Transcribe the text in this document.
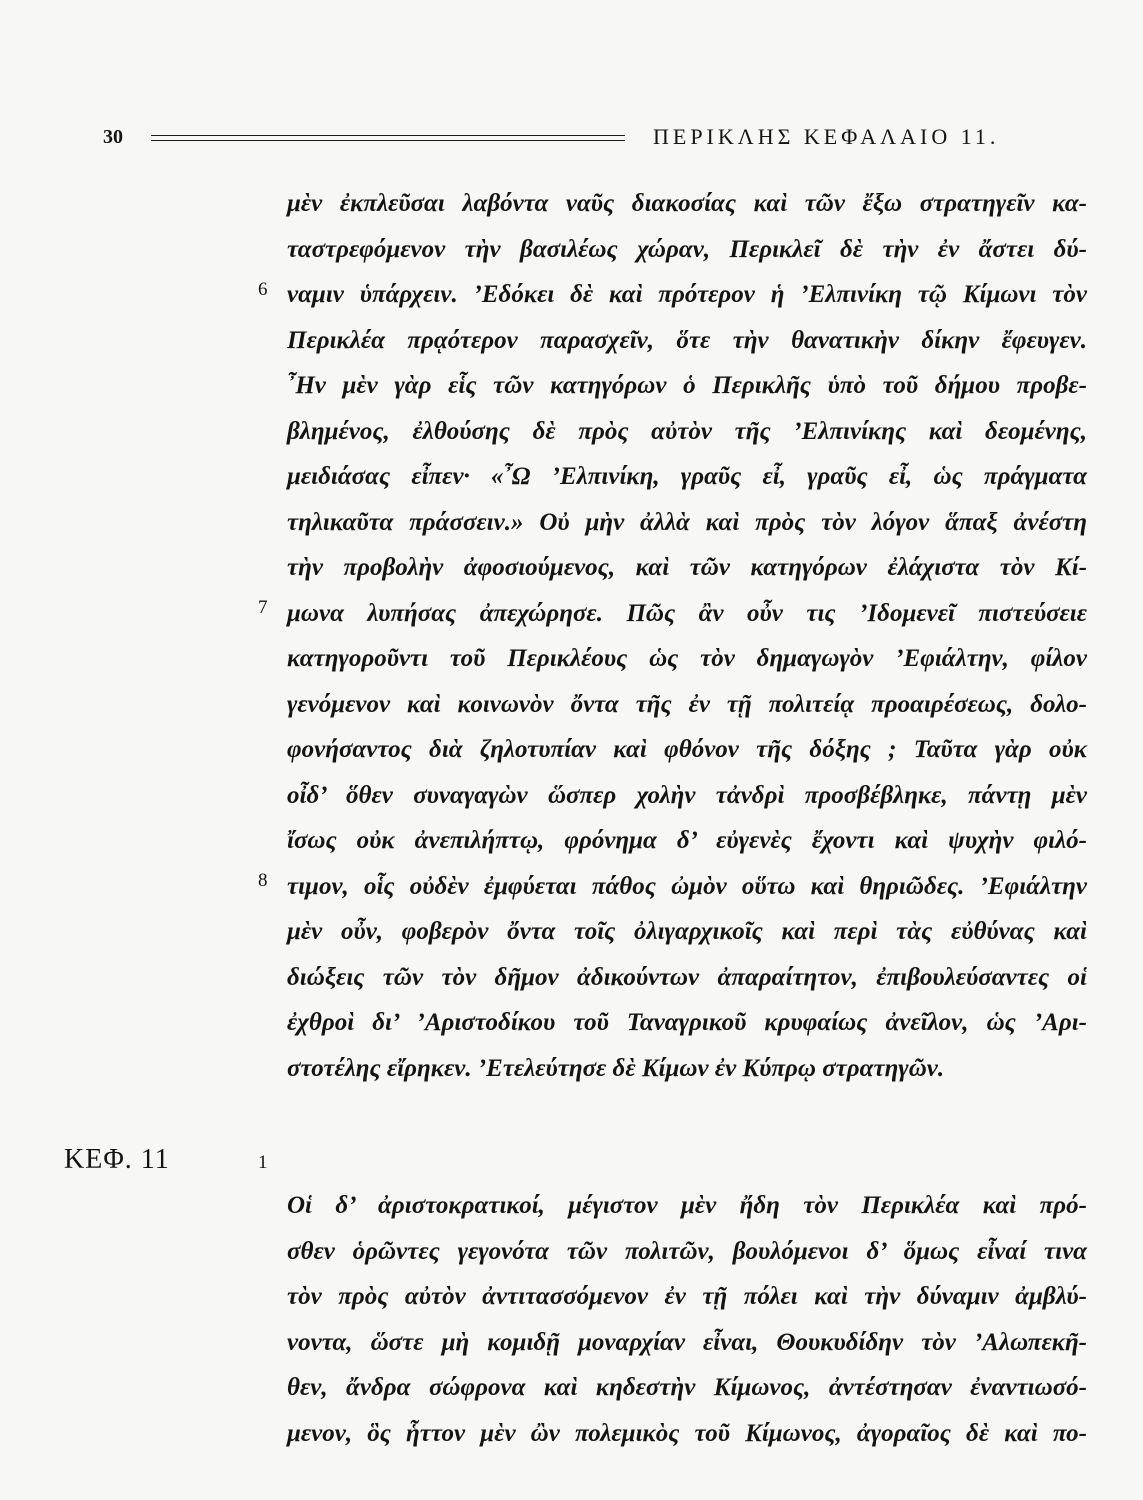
30	ΠΕΡΙΚΛΗΣ ΚΕΦΑΛΑΙΟ 11.
6
7
8
1
ΚΕΦ. 11
μὲν ἐκπλεῦσαι λαβόντα ναῦς διακοσίας καὶ τῶν ἔξω στρατηγεῖν κα-
ταστρεφόμενον τὴν βασιλέως χώραν, Περικλεῖ δὲ τὴν ἐν ἄστει δύ-
ναμιν ὑπάρχειν. ’Εδόκει δὲ καὶ πρότερον ἡ ’Ελπινίκη τῷ Κίμωνι τὸν
Περικλέα πρᾳότερον παρασχεῖν, ὅτε τὴν θανατικὴν δίκην ἔφευγεν.
῏Ην μὲν γὰρ εἷς τῶν κατηγόρων ὁ Περικλῆς ὑπὸ τοῦ δήμου προβε-
βλημένος, ἐλθούσης δὲ πρὸς αὐτὸν τῆς ’Ελπινίκης καὶ δεομένης,
μειδιάσας εἶπεν· «῏Ω ’Ελπινίκη, γραῦς εἶ, γραῦς εἶ, ὡς πράγματα
τηλικαῦτα πράσσειν.» Οὐ μὴν ἀλλὰ καὶ πρὸς τὸν λόγον ἅπαξ ἀνέστη
τὴν προβολὴν ἀφοσιούμενος, καὶ τῶν κατηγόρων ἐλάχιστα τὸν Κί-
μωνα λυπήσας ἀπεχώρησε. Πῶς ἂν οὖν τις ’Ιδομενεῖ πιστεύσειε
κατηγοροῦντι τοῦ Περικλέους ὡς τὸν δημαγωγὸν ’Εφιάλτην, φίλον
γενόμενον καὶ κοινωνὸν ὄντα τῆς ἐν τῇ πολιτείᾳ προαιρέσεως, δολο-
φονήσαντος διὰ ζηλοτυπίαν καὶ φθόνον τῆς δόξης ; Ταῦτα γὰρ οὐκ
οἶδ’ ὅθεν συναγαγὼν ὥσπερ χολὴν τἀνδρὶ προσβέβληκε, πάντῃ μὲν
ἴσως οὐκ ἀνεπιλήπτῳ, φρόνημα δ’ εὐγενὲς ἔχοντι καὶ ψυχὴν φιλό-
τιμον, οἷς οὐδὲν ἐμφύεται πάθος ὠμὸν οὕτω καὶ θηριῶδες. ’Εφιάλτην
μὲν οὖν, φοβερὸν ὄντα τοῖς ὀλιγαρχικοῖς καὶ περὶ τὰς εὐθύνας καὶ
διώξεις τῶν τὸν δῆμον ἀδικούντων ἀπαραίτητον, ἐπιβουλεύσαντες οἱ
ἐχθροὶ δι’ ’Αριστοδίκου τοῦ Ταναγρικοῦ κρυφαίως ἀνεῖλον, ὡς ’Αρι-
στοτέλης εἴρηκεν. ’Ετελεύτησε δὲ Κίμων ἐν Κύπρῳ στρατηγῶν.
Οἱ δ’ ἀριστοκρατικοί, μέγιστον μὲν ἤδη τὸν Περικλέα καὶ πρό-
σθεν ὁρῶντες γεγονότα τῶν πολιτῶν, βουλόμενοι δ’ ὅμως εἶναί τινα
τὸν πρὸς αὐτὸν ἀντιτασσόμενον ἐν τῇ πόλει καὶ τὴν δύναμιν ἀμβλύ-
νοντα, ὥστε μὴ κομιδῇ μοναρχίαν εἶναι, Θουκυδίδην τὸν ’Αλωπεκῆ-
θεν, ἄνδρα σώφρονα καὶ κηδεστὴν Κίμωνος, ἀντέστησαν ἐναντιωσό-
μενον, ὃς ἧττον μὲν ὢν πολεμικὸς τοῦ Κίμωνος, ἀγοραῖος δὲ καὶ πο-
